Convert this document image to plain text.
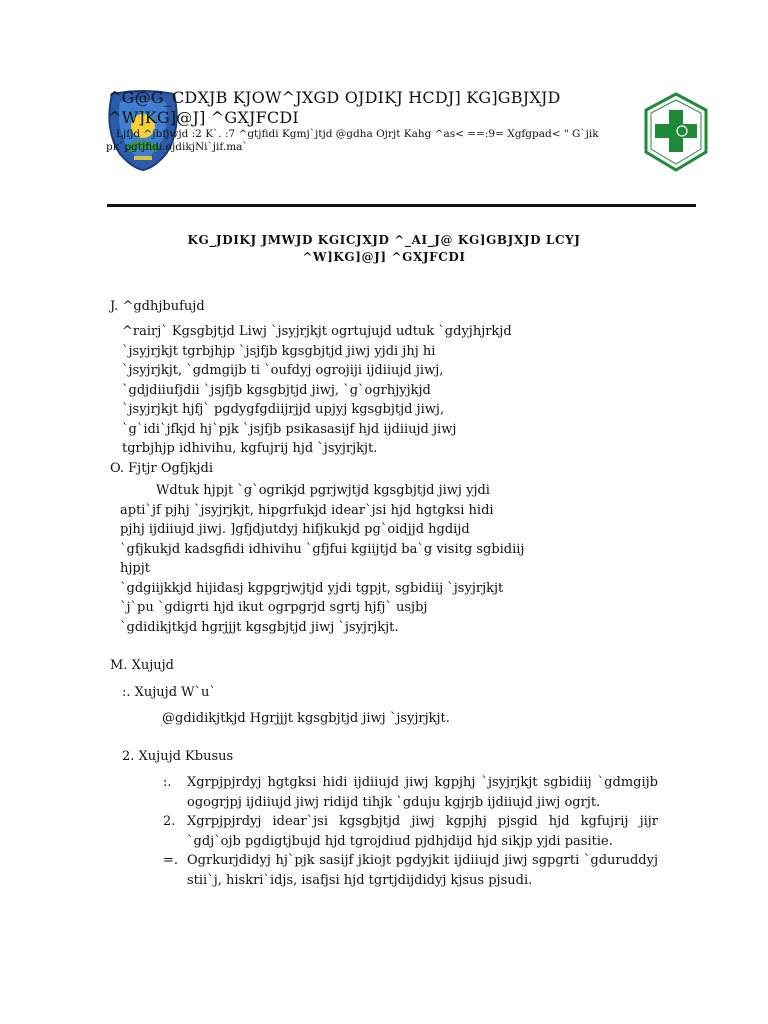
^G@G_CDXJB KJOW^JXGD OJDIKJ HCDJ] KG]GBJXJD
^W]KG]@J] ^GXJFCDI
Ljfjd ^jbfjwjd :2 K`. :7 ^gtjfidi Kgmj`jtjd @gdha Ojrjt Kahg ^as< ==:9= Xgfgpad< " G`jik
pk`pgtjfidi.ojdikjNi`jif.ma`
KG_JDIKJ JMWJD KGICJXJD ^_AI_J@ KG]GBJXJD LCYJ
^W]KG]@J] ^GXJFCDI
J. ^gdhjbufujd

^rairj` Kgsgbjtjd Liwj `jsyjrjkjt ogrtujujd udtuk `gdyjhjrkjd

`jsyjrjkjt tgrbjhjp `jsjfjb kgsgbjtjd jiwj yjdi jhj hi

`jsyjrjkjt, `gdmgijb ti `oufdyj ogrojiji ijdiiujd jiwj,

`gdjdiiufjdii `jsjfjb kgsgbjtjd jiwj, `g`ogrhjyjkjd

`jsyjrjkjt hjfj` pgdygfgdiijrjjd upjyj kgsgbjtjd jiwj,

`g`idi`jfkjd hj`pjk `jsjfjb psikasasijf hjd ijdiiujd jiwj

tgrbjhjp idhivihu, kgfujrij hjd `jsyjrjkjt.

O. Fjtjr Ogfjkjdi

Wdtuk hjpjt `g`ogrikjd pgrjwjtjd kgsgbjtjd jiwj yjdi

apti`jf pjhj `jsyjrjkjt, hipgrfukjd idear`jsi hjd hgtgksi hidi

pjhj ijdiiujd jiwj. ]gfjdjutdyj hifjkukjd pg`oidjjd hgdijd

`gfjkukjd kadsgfidi idhivihu `gfjfui kgiijtjd ba`g visitg sgbidiij

hjpjt

`gdgiijkkjd hijidasj kgpgrjwjtjd yjdi tgpjt, sgbidiij `jsyjrjkjt

`j`pu `gdigrti hjd ikut ogrpgrjd sgrtj hjfj` usjbj

`gdidikjtkjd hgrjjjt kgsgbjtjd jiwj `jsyjrjkjt.

M. Xujujd
:. Xujujd W`u`
@gdidikjtkjd Hgrjjjt kgsgbjtjd jiwj `jsyjrjkjt.
2. Xujujd Kbusus
:. Xgrpjpjrdyj hgtgksi hidi ijdiiujd jiwj kgpjhj `jsyjrjkjt sgbidiij `gdmgijb ogogrjpj ijdiiujd jiwj ridijd tihjk `gduju kgjrjb ijdiiujd jiwj ogrjt.
2. Xgrpjpjrdyj idear`jsi kgsgbjtjd jiwj kgpjhj pjsgid hjd kgfujrij jijr `gdj`ojb pgdigtjbujd hjd tgrojdiud pjdhjdijd hjd sikjp yjdi pasitie.
=. Ogrkurjdidyj hj`pjk sasijf jkiojt pgdyjkit ijdiiujd jiwj sgpgrti `gduruddyj stii`j, hiskri`idjs, isafjsi hjd tgrtjdijdidyj kjsus pjsudi.
